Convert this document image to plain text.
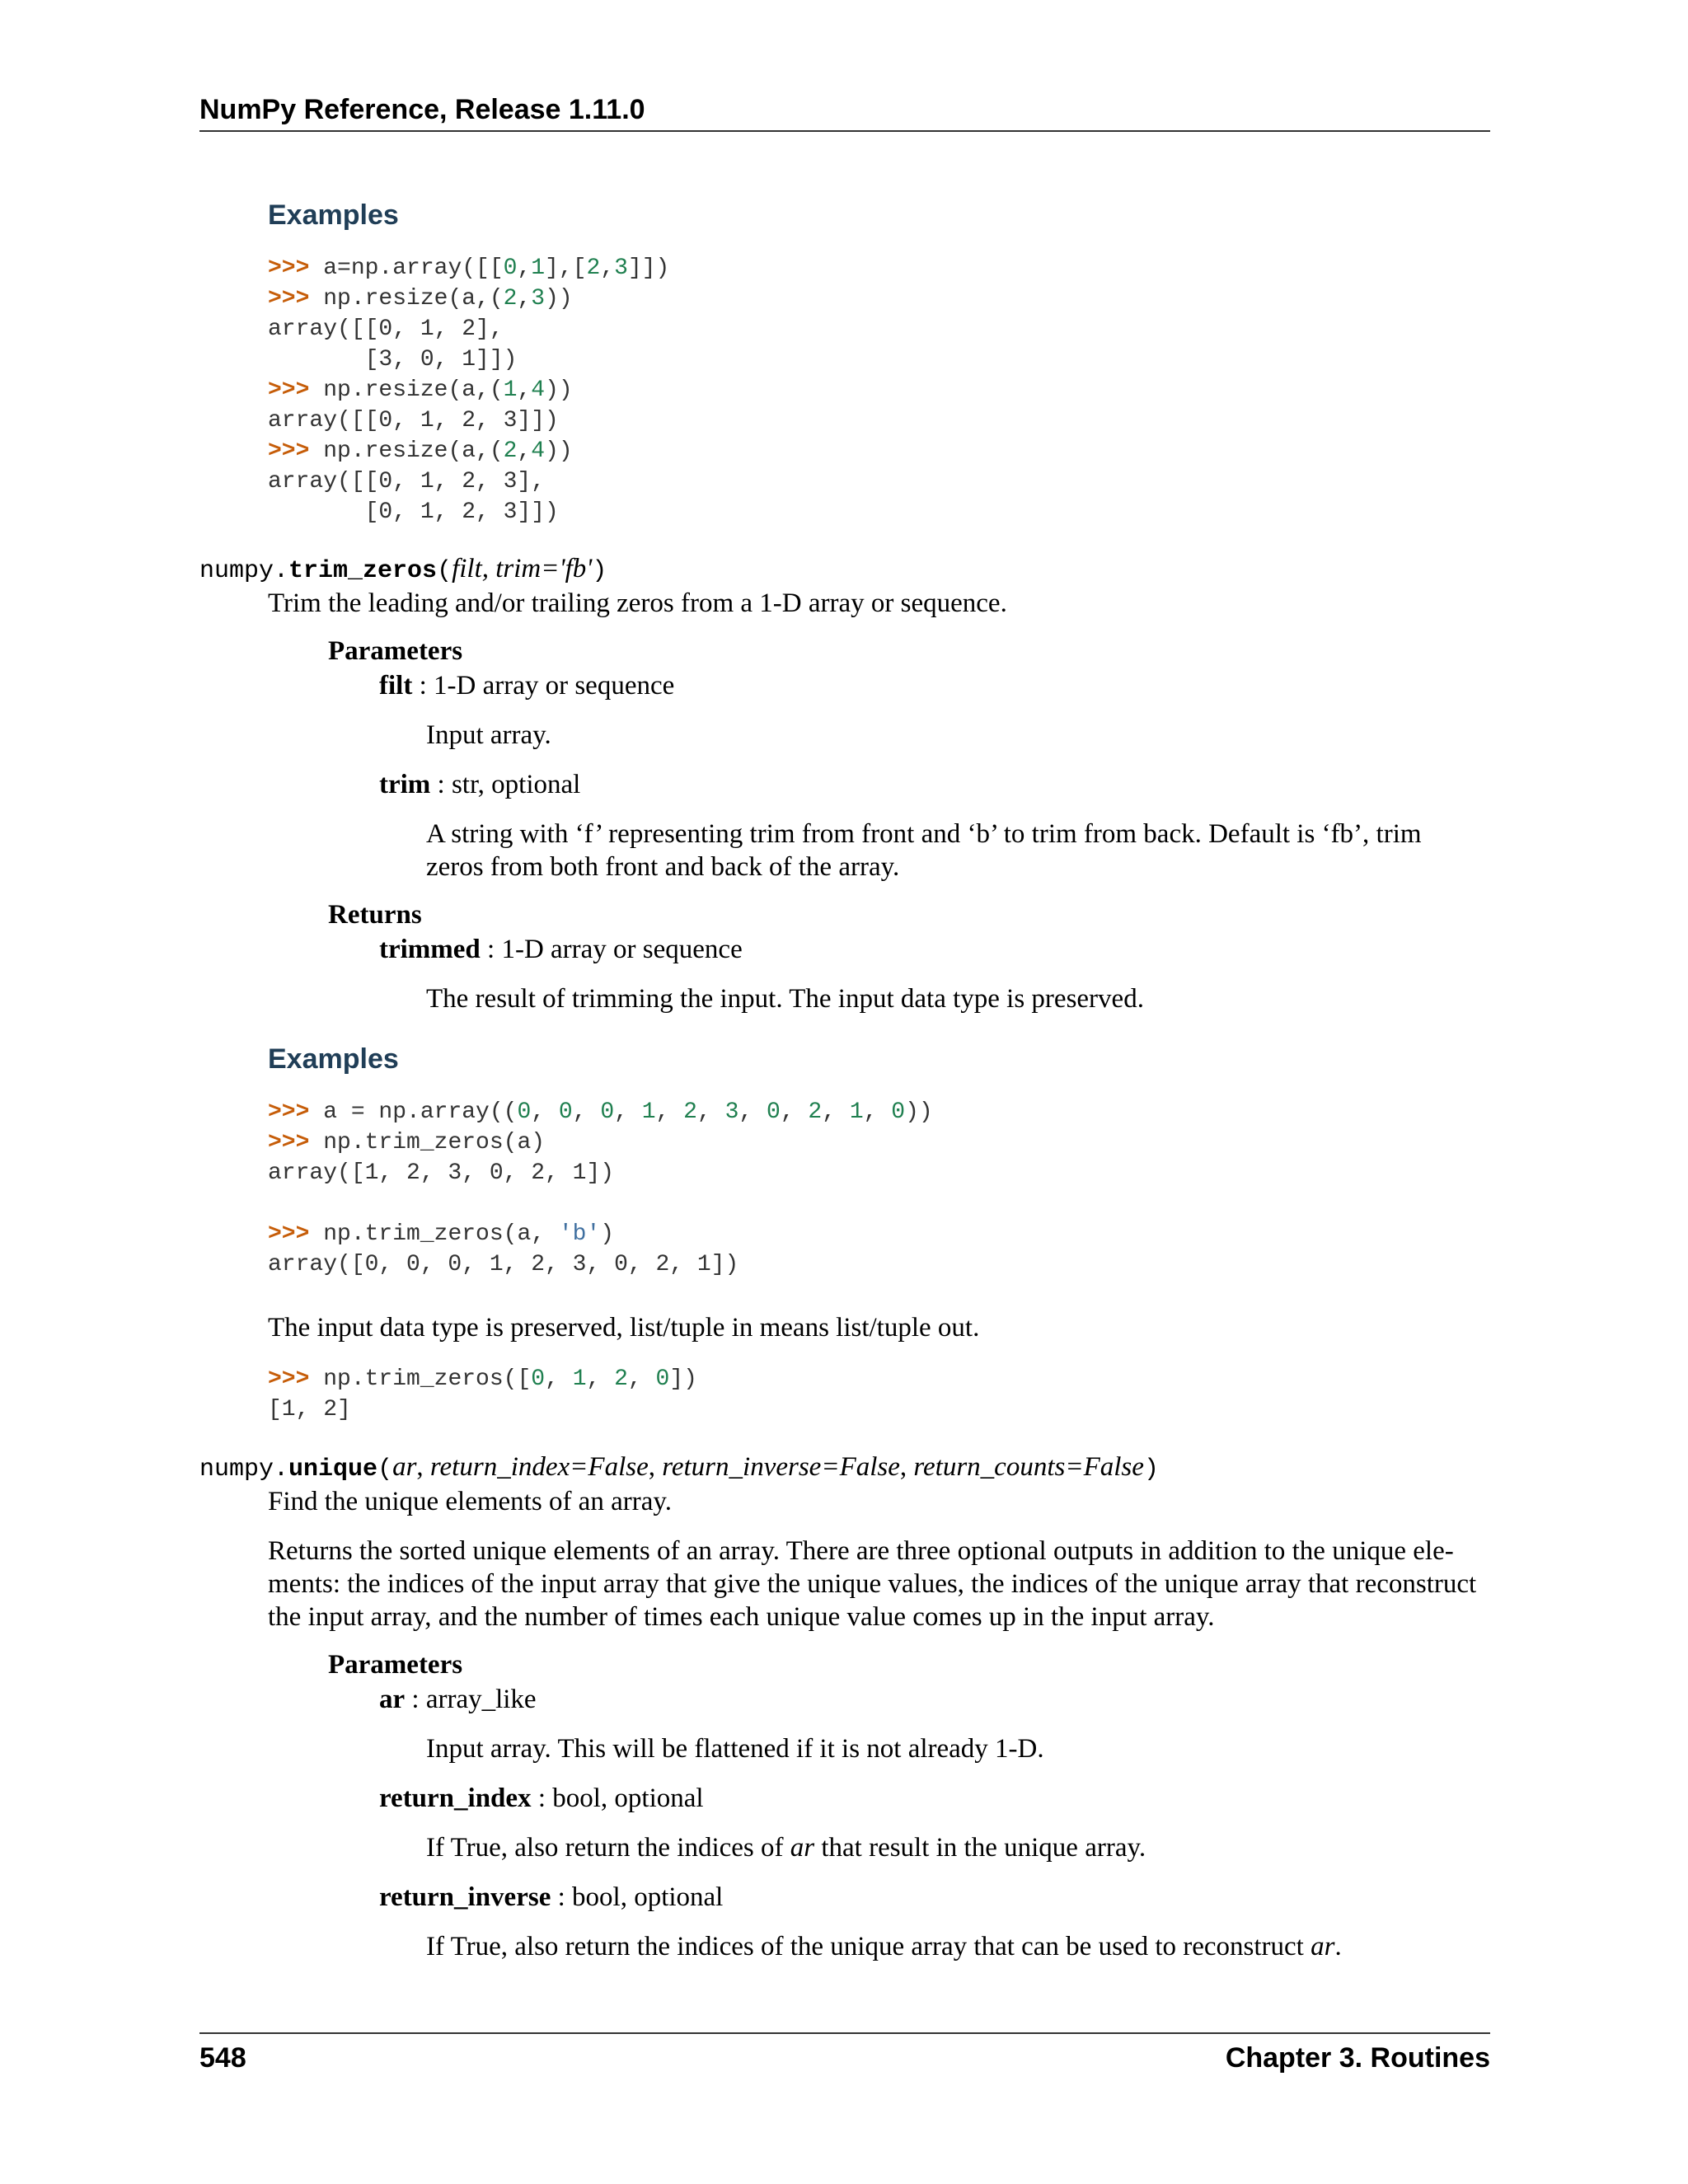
NumPy Reference, Release 1.11.0
Examples
>>> a=np.array([[0,1],[2,3]])
>>> np.resize(a,(2,3))
array([[0, 1, 2],
[3, 0, 1]])
>>> np.resize(a,(1,4))
array([[0, 1, 2, 3]])
>>> np.resize(a,(2,4))
array([[0, 1, 2, 3],
[0, 1, 2, 3]])
numpy.trim_zeros(filt, trim='fb')
Trim the leading and/or trailing zeros from a 1-D array or sequence.
Parameters
filt : 1-D array or sequence
Input array.
trim : str, optional
A string with ‘f’ representing trim from front and ‘b’ to trim from back. Default is ‘fb’, trim zeros from both front and back of the array.
Returns
trimmed : 1-D array or sequence
The result of trimming the input. The input data type is preserved.
Examples
>>> a = np.array((0, 0, 0, 1, 2, 3, 0, 2, 1, 0))
>>> np.trim_zeros(a)
array([1, 2, 3, 0, 2, 1])

>>> np.trim_zeros(a, 'b')
array([0, 0, 0, 1, 2, 3, 0, 2, 1])
The input data type is preserved, list/tuple in means list/tuple out.
>>> np.trim_zeros([0, 1, 2, 0])
[1, 2]
numpy.unique(ar, return_index=False, return_inverse=False, return_counts=False)
Find the unique elements of an array.
Returns the sorted unique elements of an array. There are three optional outputs in addition to the unique ele-
ments: the indices of the input array that give the unique values, the indices of the unique array that reconstruct
the input array, and the number of times each unique value comes up in the input array.
Parameters
ar : array_like
Input array. This will be flattened if it is not already 1-D.
return_index : bool, optional
If True, also return the indices of ar that result in the unique array.
return_inverse : bool, optional
If True, also return the indices of the unique array that can be used to reconstruct ar.
548	Chapter 3. Routines
